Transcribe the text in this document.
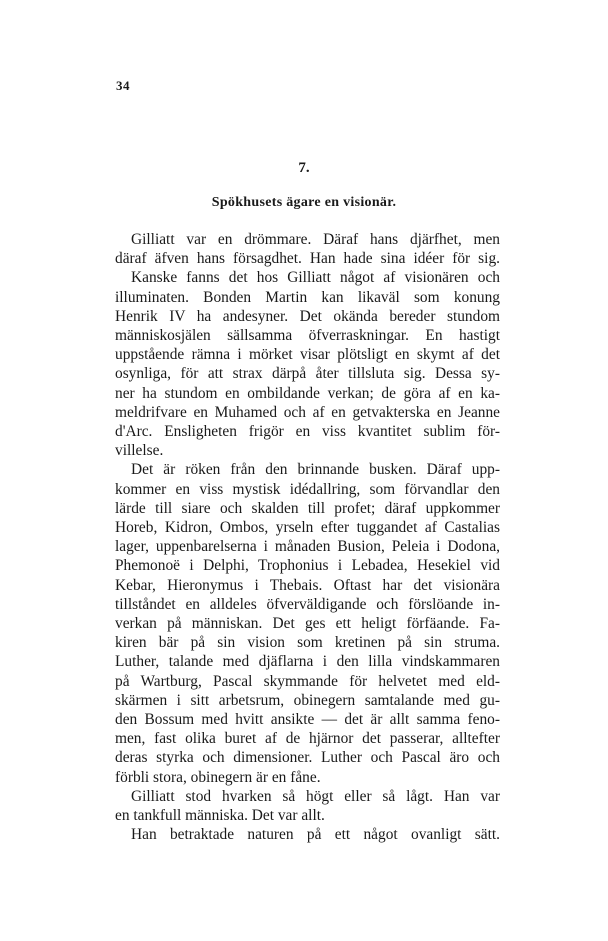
34
7.
Spökhusets ägare en visionär.
Gilliatt var en drömmare. Däraf hans djärfhet, men
däraf äfven hans försagdhet. Han hade sina idéer för sig.
Kanske fanns det hos Gilliatt något af visionären och
illuminaten. Bonden Martin kan likaväl som konung
Henrik IV ha andesyner. Det okända bereder stundom
människosjälen sällsamma öfverraskningar. En hastigt
uppstående rämna i mörket visar plötsligt en skymt af det
osynliga, för att strax därpå åter tillsluta sig. Dessa sy-
ner ha stundom en ombildande verkan; de göra af en ka-
meldrifvare en Muhamed och af en getvakterska en Jeanne
d'Arc. Ensligheten frigör en viss kvantitet sublim för-
villelse.
Det är röken från den brinnande busken. Däraf upp-
kommer en viss mystisk idédallring, som förvandlar den
lärde till siare och skalden till profet; däraf uppkommer
Horeb, Kidron, Ombos, yrseln efter tuggandet af Castalias
lager, uppenbarelserna i månaden Busion, Peleia i Dodona,
Phemonoë i Delphi, Trophonius i Lebadea, Hesekiel vid
Kebar, Hieronymus i Thebais. Oftast har det visionära
tillståndet en alldeles öfverväldigande och förslöande in-
verkan på människan. Det ges ett heligt förfäande. Fa-
kiren bär på sin vision som kretinen på sin struma.
Luther, talande med djäflarna i den lilla vindskammaren
på Wartburg, Pascal skymmande för helvetet med eld-
skärmen i sitt arbetsrum, obinegern samtalande med gu-
den Bossum med hvitt ansikte — det är allt samma feno-
men, fast olika buret af de hjärnor det passerar, alltefter
deras styrka och dimensioner. Luther och Pascal äro och
förbli stora, obinegern är en fåne.
Gilliatt stod hvarken så högt eller så lågt. Han var
en tankfull människa. Det var allt.
Han betraktade naturen på ett något ovanligt sätt.
